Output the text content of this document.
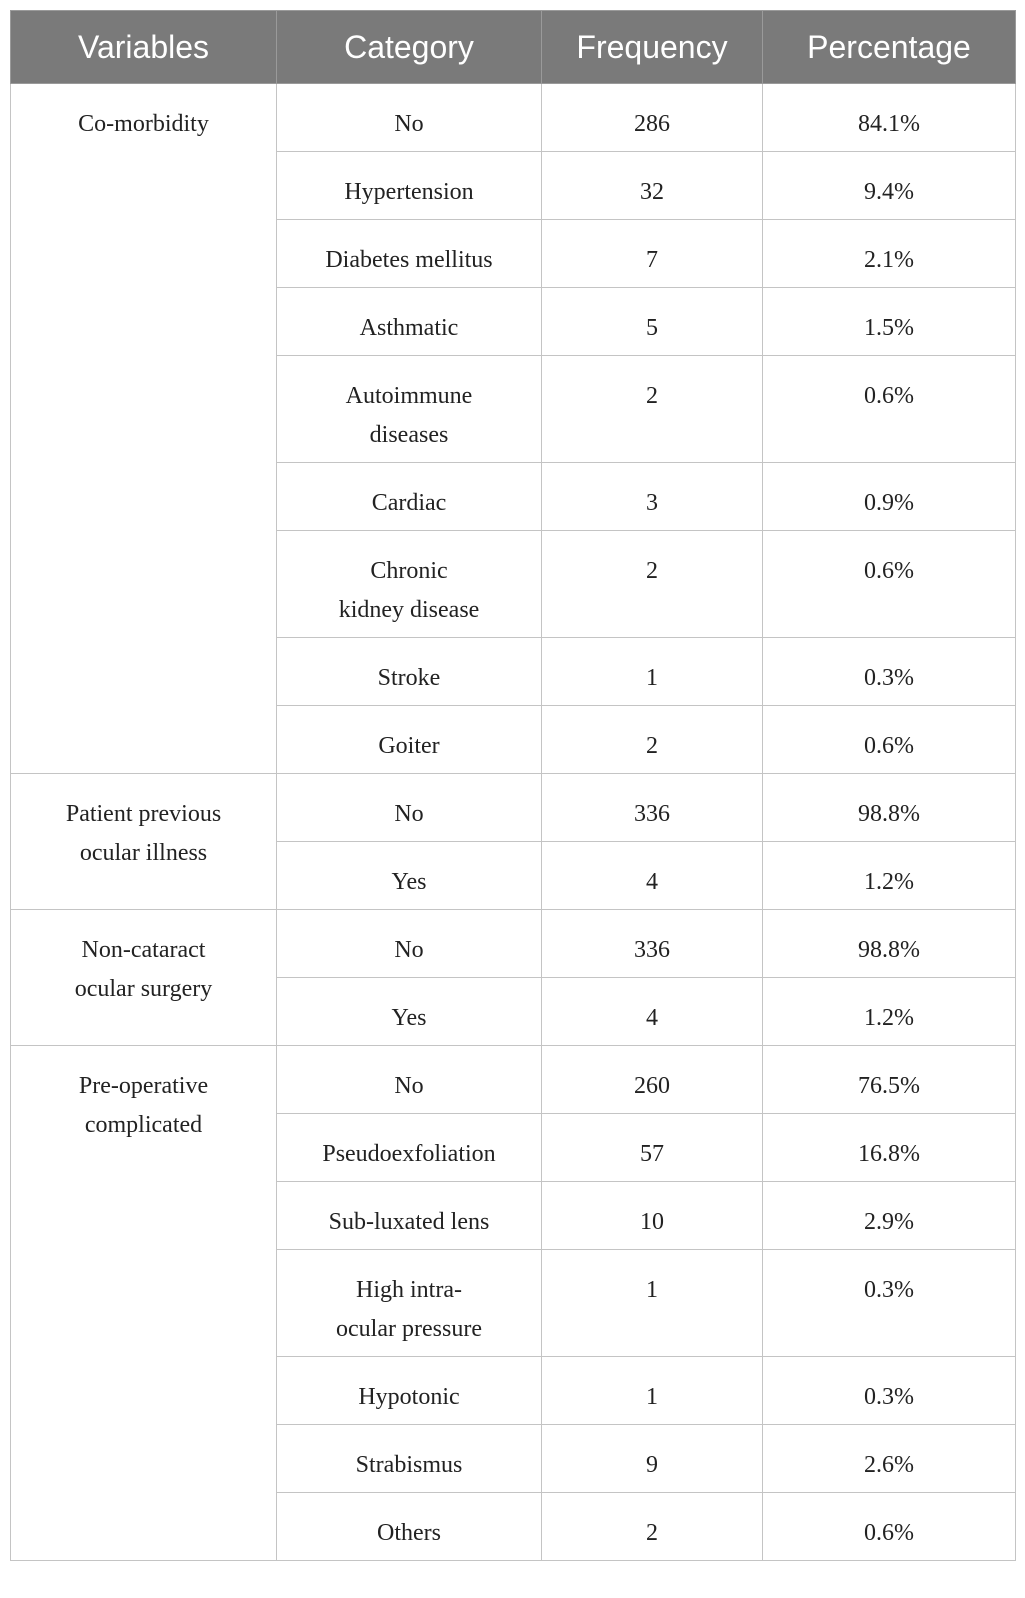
Variables	Category	Frequency	Percentage
Co-morbidity	No	286	84.1%
	Hypertension	32	9.4%
	Diabetes mellitus	7	2.1%
	Asthmatic	5	1.5%
	Autoimmune
diseases	2	0.6%
	Cardiac	3	0.9%
	Chronic
kidney disease	2	0.6%
	Stroke	1	0.3%
	Goiter	2	0.6%
Patient previous
ocular illness	No	336	98.8%
	Yes	4	1.2%
Non-cataract
ocular surgery	No	336	98.8%
	Yes	4	1.2%
Pre-operative
complicated	No	260	76.5%
	Pseudoexfoliation	57	16.8%
	Sub-luxated lens	10	2.9%
	High intra-
ocular pressure	1	0.3%
	Hypotonic	1	0.3%
	Strabismus	9	2.6%
	Others	2	0.6%
